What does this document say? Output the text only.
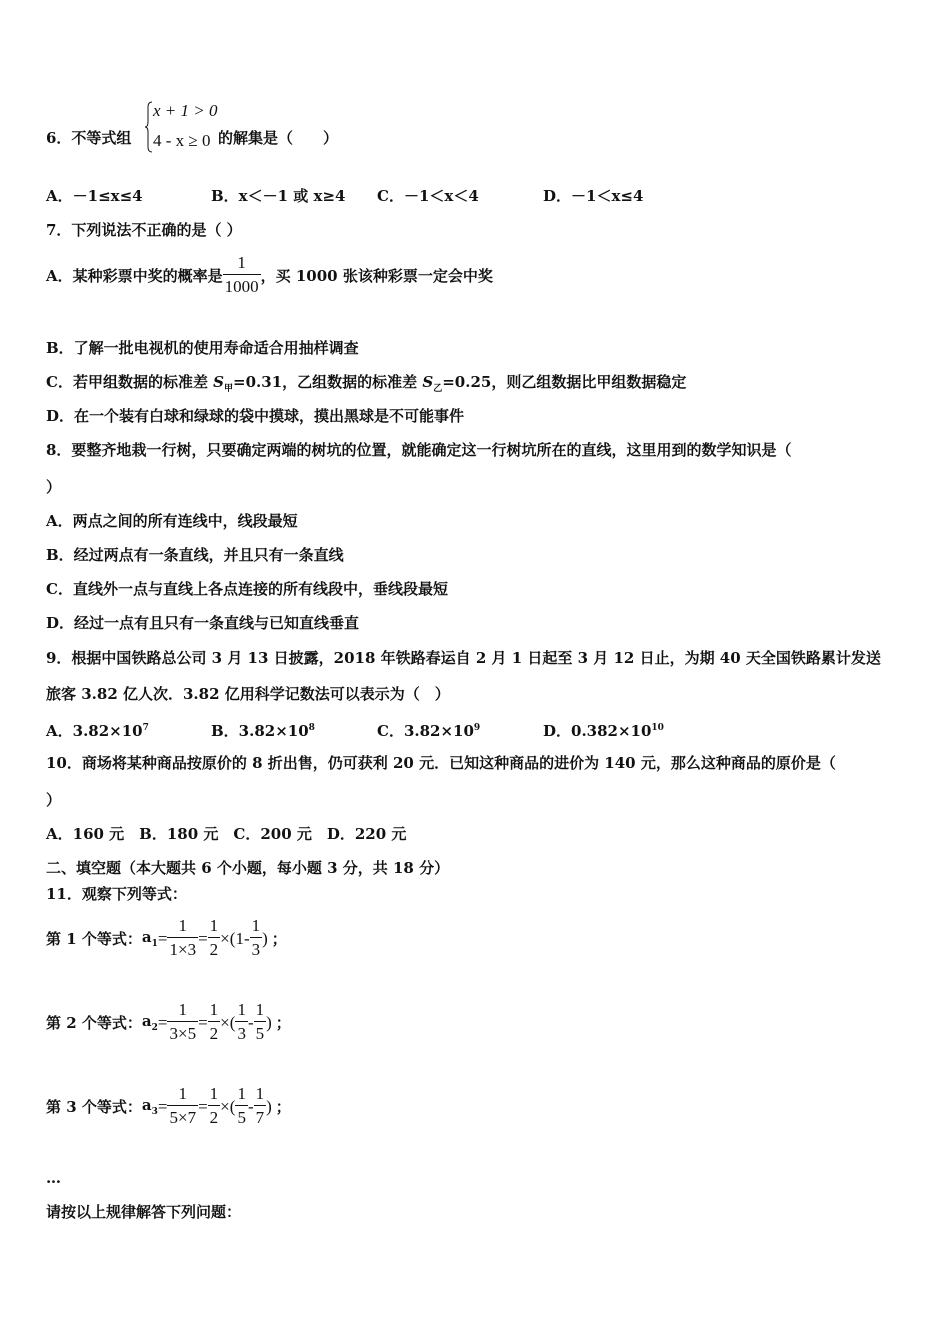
6．不等式组
x + 1 > 0
4 - x ≥ 0 的解集是（　　）
A．－1≤x≤4	B．x＜－1 或 x≥4 C．－1＜x＜4	D．－1＜x≤4
7．下列说法不正确的是（ ）
A．某种彩票中奖的概率是 $\frac{1}{1000}$ ，买 1000 张该种彩票一定会中奖
B．了解一批电视机的使用寿命适合用抽样调查
C．若甲组数据的标准差 $S_甲=0.31$，乙组数据的标准差 $S_乙=0.25$，则乙组数据比甲组数据稳定
D．在一个装有白球和绿球的袋中摸球，摸出黑球是不可能事件
8．要整齐地栽一行树，只要确定两端的树坑的位置，就能确定这一行树坑所在的直线，这里用到的数学知识是（
）
A．两点之间的所有连线中，线段最短
B．经过两点有一条直线，并且只有一条直线
C．直线外一点与直线上各点连接的所有线段中，垂线段最短
D．经过一点有且只有一条直线与已知直线垂直
9．根据中国铁路总公司 3 月 13 日披露，2018 年铁路春运自 2 月 1 日起至 3 月 12 日止，为期 40 天全国铁路累计发送
旅客 3.82 亿人次．3.82 亿用科学记数法可以表示为（　）
A．$3.82\times 10^7$	B．$3.82\times 10^8$	C．$3.82\times 10^9$	D．$0.382\times 10^{10}$
10．商场将某种商品按原价的 8 折出售，仍可获利 20 元．已知这种商品的进价为 140 元，那么这种商品的原价是（
）
A．160 元　B．180 元　C．200 元　D．220 元
二、填空题（本大题共 6 个小题，每小题 3 分，共 18 分）
11．观察下列等式：
第 1 个等式： $a_1 = \frac{1}{1\times 3} = \frac{1}{2}$ × ( $1 - \frac{1}{3}$ ) ；
第 2 个等式： $a_2 = \frac{1}{3\times 5} = \frac{1}{2}$ × ( $\frac{1}{3} - \frac{1}{5}$ ) ；
第 3 个等式： $a_3 = \frac{1}{5\times 7} = \frac{1}{2}$ × ( $\frac{1}{5} - \frac{1}{7}$ ) ；
…
请按以上规律解答下列问题：
